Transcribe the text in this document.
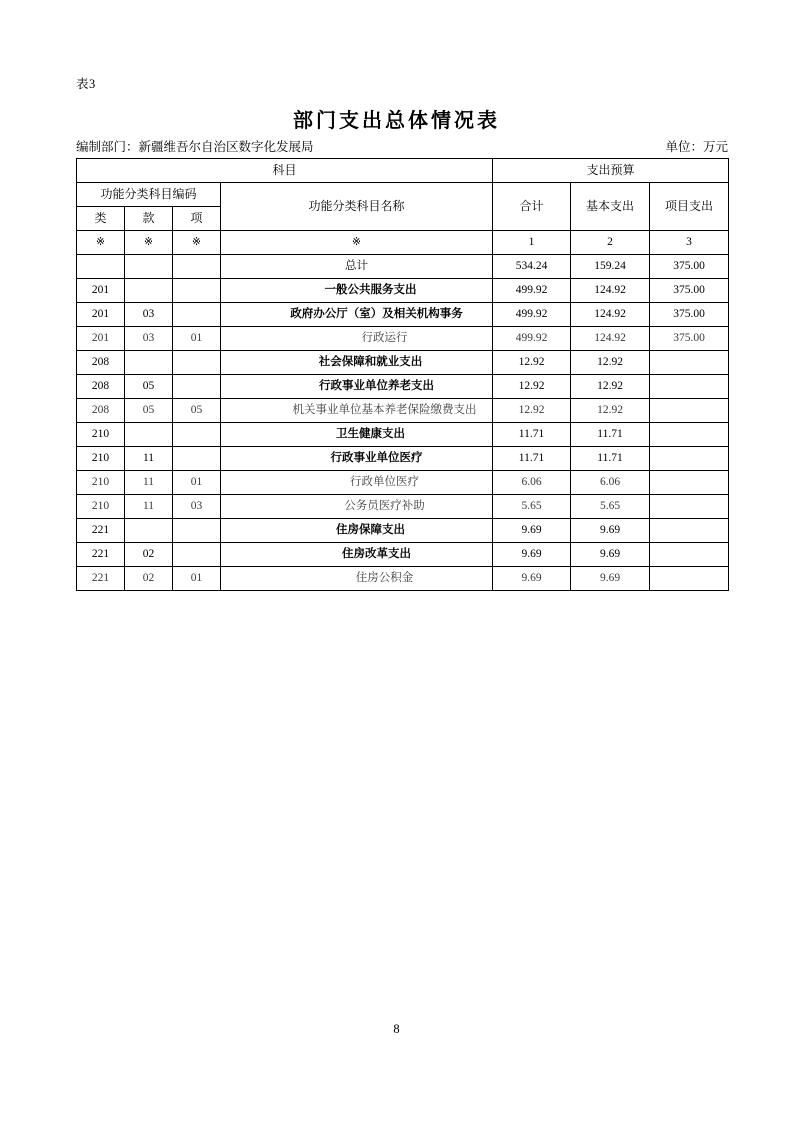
表3
部门支出总体情况表
编制部门：新疆维吾尔自治区数字化发展局	单位：万元
科目				支出预算		
功能分类科目编码			功能分类科目名称	合计	基本支出	项目支出
类	款	项				
※	※	※	※	1	2	3
			总计	534.24	159.24	375.00
201			一般公共服务支出	499.92	124.92	375.00
201	03		政府办公厅（室）及相关机构事务	499.92	124.92	375.00
201	03	01	行政运行	499.92	124.92	375.00
208			社会保障和就业支出	12.92	12.92	
208	05		行政事业单位养老支出	12.92	12.92	
208	05	05	机关事业单位基本养老保险缴费支出	12.92	12.92	
210			卫生健康支出	11.71	11.71	
210	11		行政事业单位医疗	11.71	11.71	
210	11	01	行政单位医疗	6.06	6.06	
210	11	03	公务员医疗补助	5.65	5.65	
221			住房保障支出	9.69	9.69	
221	02		住房改革支出	9.69	9.69	
221	02	01	住房公积金	9.69	9.69	
8
